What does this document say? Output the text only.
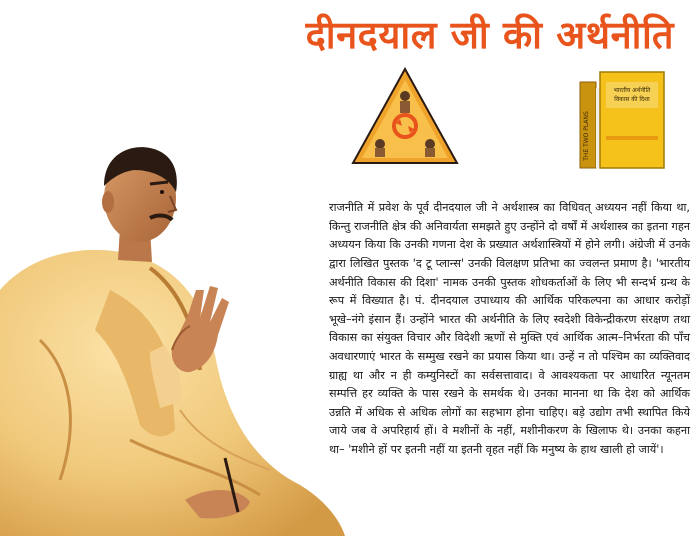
दीनदयाल जी की अर्थनीति
भारतीय अर्थनीति
विकास की दिशा
THE TWO PLANS

राजनीति में प्रवेश के पूर्व दीनदयाल जी ने अर्थशास्त्र का विधिवत् अध्ययन नहीं किया था, किन्तु राजनीति क्षेत्र की अनिवार्यता समझते हुए उन्होंने दो वर्षों में अर्थशास्त्र का इतना गहन अध्ययन किया कि उनकी गणना देश के प्रख्यात अर्थशास्त्रियों में होने लगी। अंग्रेजी में उनके द्वारा लिखित पुस्तक 'द टू प्लान्स' उनकी विलक्षण प्रतिभा का ज्वलन्त प्रमाण है। 'भारतीय अर्थनीति विकास की दिशा' नामक उनकी पुस्तक शोधकर्ताओं के लिए भी सन्दर्भ ग्रन्थ के रूप में विख्यात है। पं. दीनदयाल उपाध्याय की आर्थिक परिकल्पना का आधार करोड़ों भूखे–नंगे इंसान हैं। उन्होंने भारत की अर्थनीति के लिए स्वदेशी विकेन्द्रीकरण संरक्षण तथा विकास का संयुक्त विचार और विदेशी ऋणों से मुक्ति एवं आर्थिक आत्म–निर्भरता की पाँच अवधारणाएं भारत के सम्मुख रखने का प्रयास किया था। उन्हें न तो पश्चिम का व्यक्तिवाद ग्राह्य था और न ही कम्युनिस्टों का सर्वसत्तावाद। वे आवश्यकता पर आधारित न्यूनतम सम्पत्ति हर व्यक्ति के पास रखने के समर्थक थे। उनका मानना था कि देश को आर्थिक उन्नति में अधिक से अधिक लोगों का सहभाग होना चाहिए। बड़े उद्योग तभी स्थापित किये जाये जब वे अपरिहार्य हों। वे मशीनों के नहीं, मशीनीकरण के खिलाफ थे। उनका कहना था– 'मशीने हों पर इतनी नहीं या इतनी वृहत नहीं कि मनुष्य के हाथ खाली हो जायें'।
